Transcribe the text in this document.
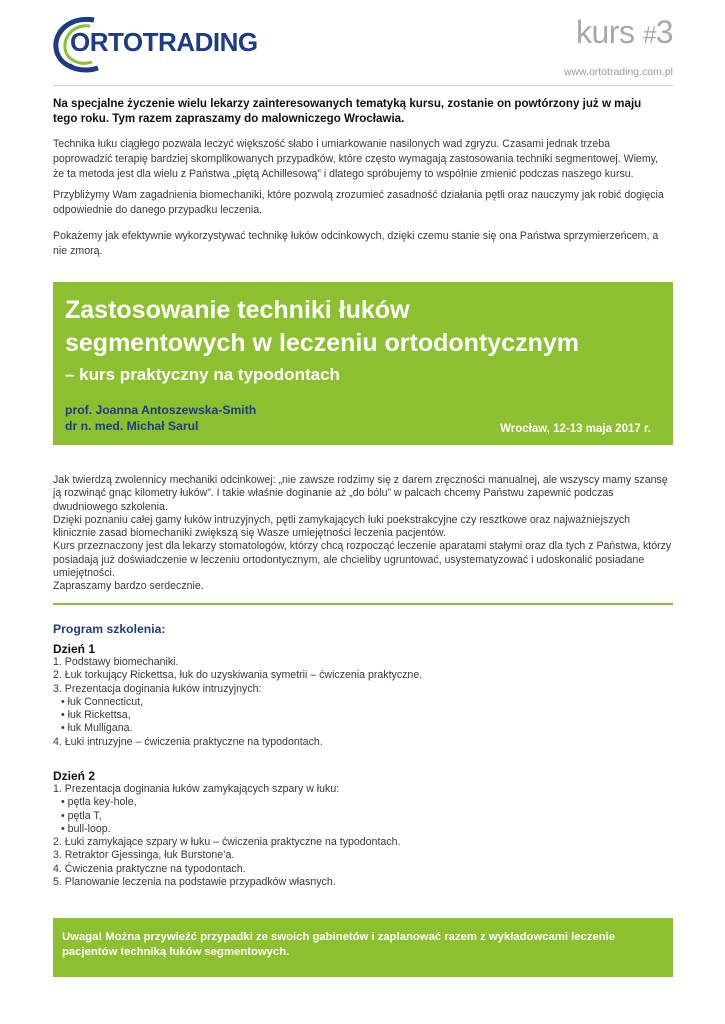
ORTOTRADING	kurs #3
www.ortotrading.com.pl
Na specjalne życzenie wielu lekarzy zainteresowanych tematyką kursu, zostanie on powtórzony już w maju tego roku. Tym razem zapraszamy do malowniczego Wrocławia.
Technika łuku ciągłego pozwala leczyć większość słabo i umiarkowanie nasilonych wad zgryzu. Czasami jednak trzeba poprowadzić terapię bardziej skomplikowanych przypadków, które często wymagają zastosowania techniki segmentowej. Wiemy, że ta metoda jest dla wielu z Państwa „piętą Achillesową” i dlatego spróbujemy to wspólnie zmienić podczas naszego kursu.
Przybliżymy Wam zagadnienia biomechaniki, które pozwolą zrozumieć zasadność działania pętli oraz nauczymy jak robić dogięcia odpowiednie do danego przypadku leczenia.
Pokażemy jak efektywnie wykorzystywać technikę łuków odcinkowych, dzięki czemu stanie się ona Państwa sprzymierzeńcem, a nie zmorą.
Zastosowanie techniki łuków
segmentowych w leczeniu ortodontycznym
– kurs praktyczny na typodontach
prof. Joanna Antoszewska-Smith
dr n. med. Michał Sarul	Wrocław, 12-13 maja 2017 r.
Jak twierdzą zwolennicy mechaniki odcinkowej: „nie zawsze rodzimy się z darem zręczności manualnej, ale wszyscy mamy szansę ją rozwinąć gnąc kilometry łuków”. I takie właśnie doginanie aż „do bólu” w palcach chcemy Państwu zapewnić podczas dwudniowego szkolenia.
Dzięki poznaniu całej gamy łuków intruzyjnych, pętli zamykających łuki poekstrakcyjne czy resztkowe oraz najważniejszych klinicznie zasad biomechaniki zwiększą się Wasze umiejętności leczenia pacjentów.
Kurs przeznaczony jest dla lekarzy stomatologów, którzy chcą rozpocząć leczenie aparatami stałymi oraz dla tych z Państwa, którzy posiadają już doświadczenie w leczeniu ortodontycznym, ale chcieliby ugruntować, usystematyzować i udoskonalić posiadane umiejętności.
Zapraszamy bardzo serdecznie.
Program szkolenia:
Dzień 1
1. Podstawy biomechaniki.
2. Łuk torkujący Rickettsa, łuk do uzyskiwania symetrii – ćwiczenia praktyczne.
3. Prezentacja doginania łuków intruzyjnych:
• łuk Connecticut,
• łuk Rickettsa,
• łuk Mulligana.
4. Łuki intruzyjne – ćwiczenia praktyczne na typodontach.
Dzień 2
1. Prezentacja doginania łuków zamykających szpary w łuku:
• pętla key-hole,
• pętla T,
• bull-loop.
2. Łuki zamykające szpary w łuku – ćwiczenia praktyczne na typodontach.
3. Retraktor Gjessinga, łuk Burstone’a.
4. Ćwiczenia praktyczne na typodontach.
5. Planowanie leczenia na podstawie przypadków własnych.
Uwaga! Można przywieźć przypadki ze swoich gabinetów i zaplanować razem z wykładowcami leczenie pacjentów techniką łuków segmentowych.
